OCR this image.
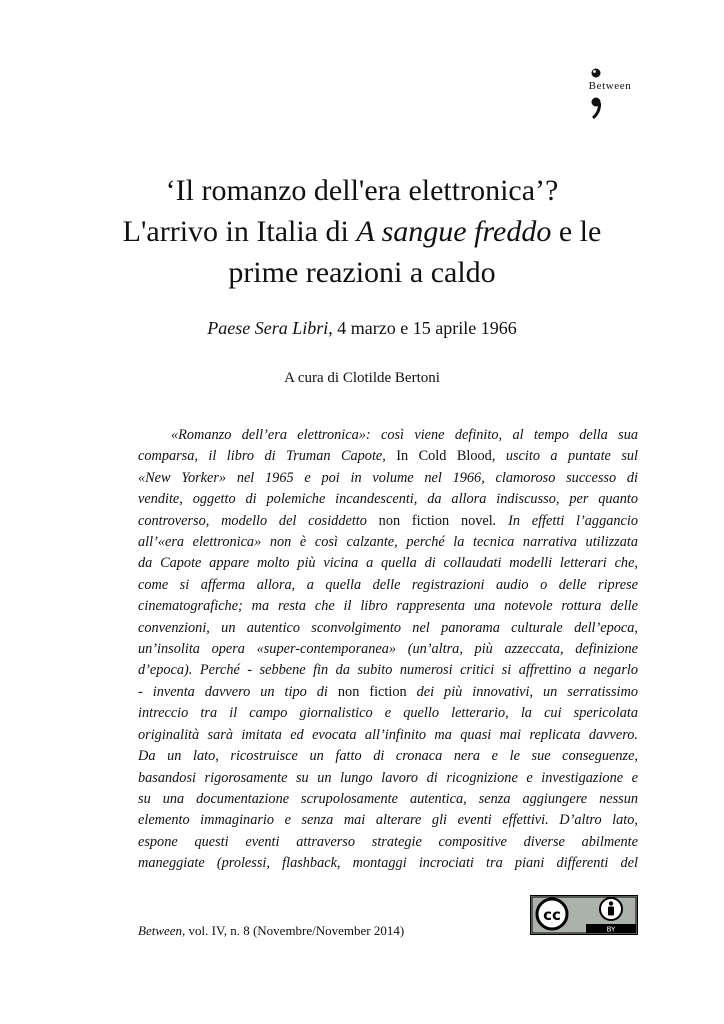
Between
‘Il romanzo dell'era elettronica’?
L'arrivo in Italia di A sangue freddo e le
prime reazioni a caldo
Paese Sera Libri, 4 marzo e 15 aprile 1966
A cura di Clotilde Bertoni
«Romanzo dell’era elettronica»: così viene definito, al tempo della sua
comparsa, il libro di Truman Capote, In Cold Blood, uscito a puntate sul
«New Yorker» nel 1965 e poi in volume nel 1966, clamoroso successo di
vendite, oggetto di polemiche incandescenti, da allora indiscusso, per quanto
controverso, modello del cosiddetto non fiction novel. In effetti l’aggancio
all’«era elettronica» non è così calzante, perché la tecnica narrativa utilizzata
da Capote appare molto più vicina a quella di collaudati modelli letterari che,
come si afferma allora, a quella delle registrazioni audio o delle riprese
cinematografiche; ma resta che il libro rappresenta una notevole rottura delle
convenzioni, un autentico sconvolgimento nel panorama culturale dell’epoca,
un’insolita opera «super-contemporanea» (un’altra, più azzeccata, definizione
d’epoca). Perché - sebbene fin da subito numerosi critici si affrettino a negarlo
- inventa davvero un tipo di non fiction dei più innovativi, un serratissimo
intreccio tra il campo giornalistico e quello letterario, la cui spericolata
originalità sarà imitata ed evocata all’infinito ma quasi mai replicata davvero.
Da un lato, ricostruisce un fatto di cronaca nera e le sue conseguenze,
basandosi rigorosamente su un lungo lavoro di ricognizione e investigazione e
su una documentazione scrupolosamente autentica, senza aggiungere nessun
elemento immaginario e senza mai alterare gli eventi effettivi. D’altro lato,
espone questi eventi attraverso strategie compositive diverse abilmente
maneggiate (prolessi, flashback, montaggi incrociati tra piani differenti del
Between, vol. IV, n. 8 (Novembre/November 2014)
cc
BY
